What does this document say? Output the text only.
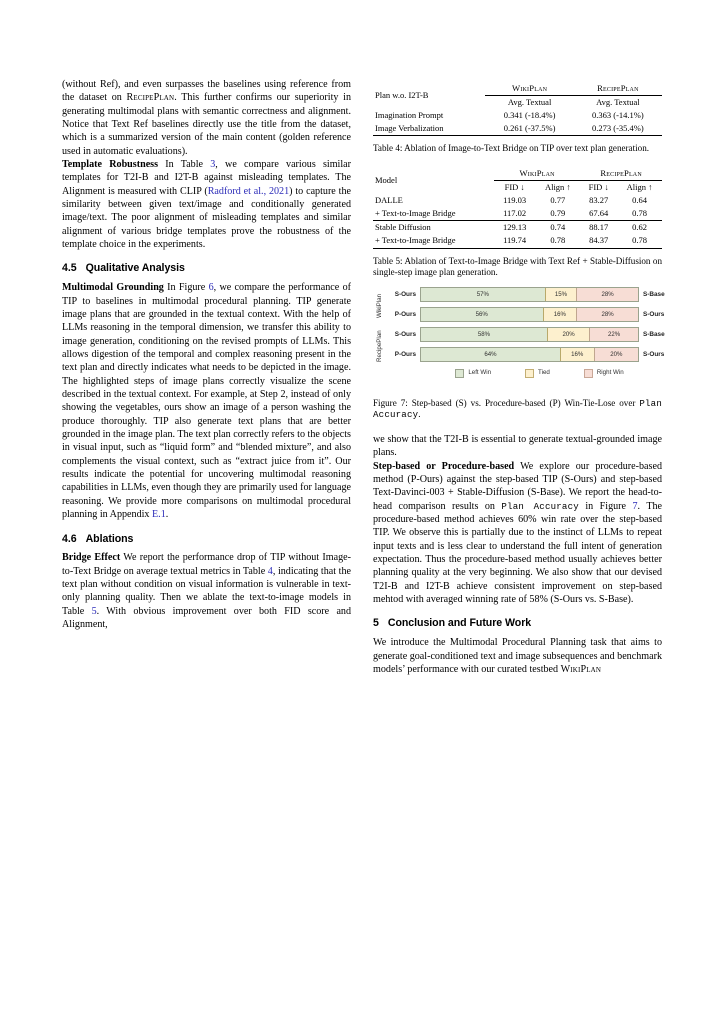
(without Ref), and even surpasses the baselines using reference from the dataset on RecipePlan. This further confirms our superiority in generating multimodal plans with semantic correctness and alignment. Notice that Text Ref baselines directly use the title from the dataset, which is a summarized version of the main content (golden reference used in automatic evaluations).

Template Robustness In Table 3, we compare various similar templates for T2I-B and I2T-B against misleading templates. The Alignment is measured with CLIP (Radford et al., 2021) to capture the similarity between given text/image and conditionally generated image/text. The poor alignment of misleading templates and similar alignment of various bridge templates prove the robustness of the template choice in the experiments.

4.5 Qualitative Analysis

Multimodal Grounding In Figure 6, we compare the performance of TIP to baselines in multimodal procedural planning. TIP generate image plans that are grounded in the textual context. With the help of LLMs reasoning in the temporal dimension, we transfer this ability to image generation, conditioning on the revised prompts of LLMs. This allows digestion of the temporal and complex reasoning present in the text plan and directly indicates what needs to be depicted in the image. The highlighted steps of image plans correctly visualize the scene described in the textual context. For example, at Step 2, instead of only showing the vegetables, ours show an image of a person washing the produce thoroughly. TIP also generate text plans that are better grounded in the image plan. The text plan correctly refers to the objects in visual input, such as “liquid form” and “blended mixture”, and also complements the visual context, such as “extract juice from it”. Our results indicate the potential for uncovering multimodal reasoning capabilities in LLMs, even though they are primarily used for language reasoning. We provide more comparisons on multimodal procedural planning in Appendix E.1.

4.6 Ablations

Bridge Effect We report the performance drop of TIP without Image-to-Text Bridge on average textual metrics in Table 4, indicating that the text plan without condition on visual information is vulnerable in text-only planning quality. Then we ablate the text-to-image models in Table 5. With obvious improvement over both FID score and Alignment,

Plan w.o. I2T-B	WikiPlan	RecipePlan
	Avg. Textual	Avg. Textual
Imagination Prompt	0.341 (-18.4%)	0.363 (-14.1%)
Image Verbalization	0.261 (-37.5%)	0.273 (-35.4%)
Table 4: Ablation of Image-to-Text Bridge on TIP over text plan generation.
Model	WikiPlan		RecipePlan	
	FID ↓	Align ↑	FID ↓	Align ↑
DALLE	119.03	0.77	83.27	0.64
+ Text-to-Image Bridge	117.02	0.79	67.64	0.78
Stable Diffusion	129.13	0.74	88.17	0.62
+ Text-to-Image Bridge	119.74	0.78	84.37	0.78
Table 5: Ablation of Text-to-Image Bridge with Text Ref + Stable-Diffusion on single-step image plan generation.
WikiPlan
RecipePlan
S-Ours	57%	15%	28%	S-Base
P-Ours	56%	16%	28%	S-Ours
S-Ours	58%	20%	22%	S-Base
P-Ours	64%	16%	20%	S-Ours
Left Win	Tied	Right Win
Figure 7: Step-based (S) vs. Procedure-based (P) Win-Tie-Lose over Plan Accuracy.

we show that the T2I-B is essential to generate textual-grounded image plans.

Step-based or Procedure-based We explore our procedure-based method (P-Ours) against the step-based TIP (S-Ours) and step-based Text-Davinci-003 + Stable-Diffusion (S-Base). We report the head-to-head comparison results on Plan Accuracy in Figure 7. The procedure-based method achieves 60% win rate over the step-based TIP. We observe this is partially due to the instinct of LLMs to repeat input texts and is less clear to understand the full intent of generation expectation. Thus the procedure-based method usually achieves better planning quality at the very beginning. We also show that our devised T2I-B and I2T-B achieve consistent improvement on step-based mehtod with averaged winning rate of 58% (S-Ours vs. S-Base).

5 Conclusion and Future Work

We introduce the Multimodal Procedural Planning task that aims to generate goal-conditioned text and image subsequences and benchmark models’ performance with our curated testbed WikiPlan
